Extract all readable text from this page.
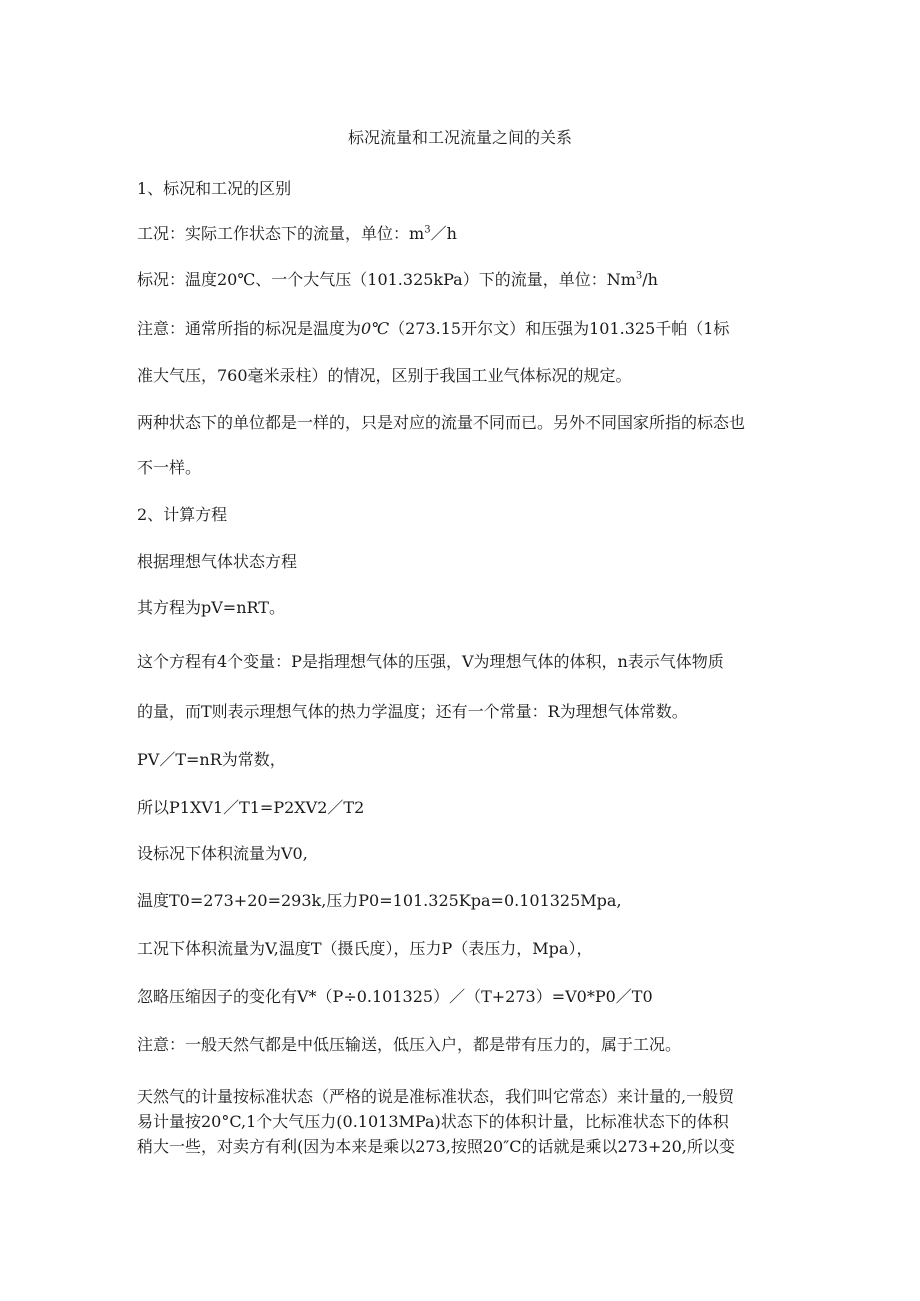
标况流量和工况流量之间的关系
1、标况和工况的区别
工况：实际工作状态下的流量，单位：$m^3/h$
标况：温度20℃、一个大气压（101.325kPa）下的流量，单位：Nm$^3$/h
注意：通常所指的标况是温度为0℃（273.15开尔文）和压强为101.325千帕（1标
准大气压，760毫米汞柱）的情况，区别于我国工业气体标况的规定。
两种状态下的单位都是一样的，只是对应的流量不同而已。另外不同国家所指的标态也
不一样。
2、计算方程
根据理想气体状态方程
其方程为pV=nRT。
这个方程有4个变量：P是指理想气体的压强，V为理想气体的体积，n表示气体物质
的量，而T则表示理想气体的热力学温度；还有一个常量：R为理想气体常数。
PV／T=nR为常数，
所以P1XV1／T1=P2XV2／T2
设标况下体积流量为V0,
温度T0=273+20=293k,压力P0=101.325Kpa=0.101325Mpa,
工况下体积流量为V,温度T（摄氏度），压力P（表压力，Mpa），
忽略压缩因子的变化有V*（P÷0.101325）／（T+273）=V0*P0／T0
注意：一般天然气都是中低压输送，低压入户，都是带有压力的，属于工况。
天然气的计量按标准状态（严格的说是准标准状态，我们叫它常态）来计量的,一般贸
易计量按20°C,1个大气压力(0.1013MPa)状态下的体积计量，比标准状态下的体积
稍大一些，对卖方有利(因为本来是乘以273,按照20″C的话就是乘以273+20,所以变
